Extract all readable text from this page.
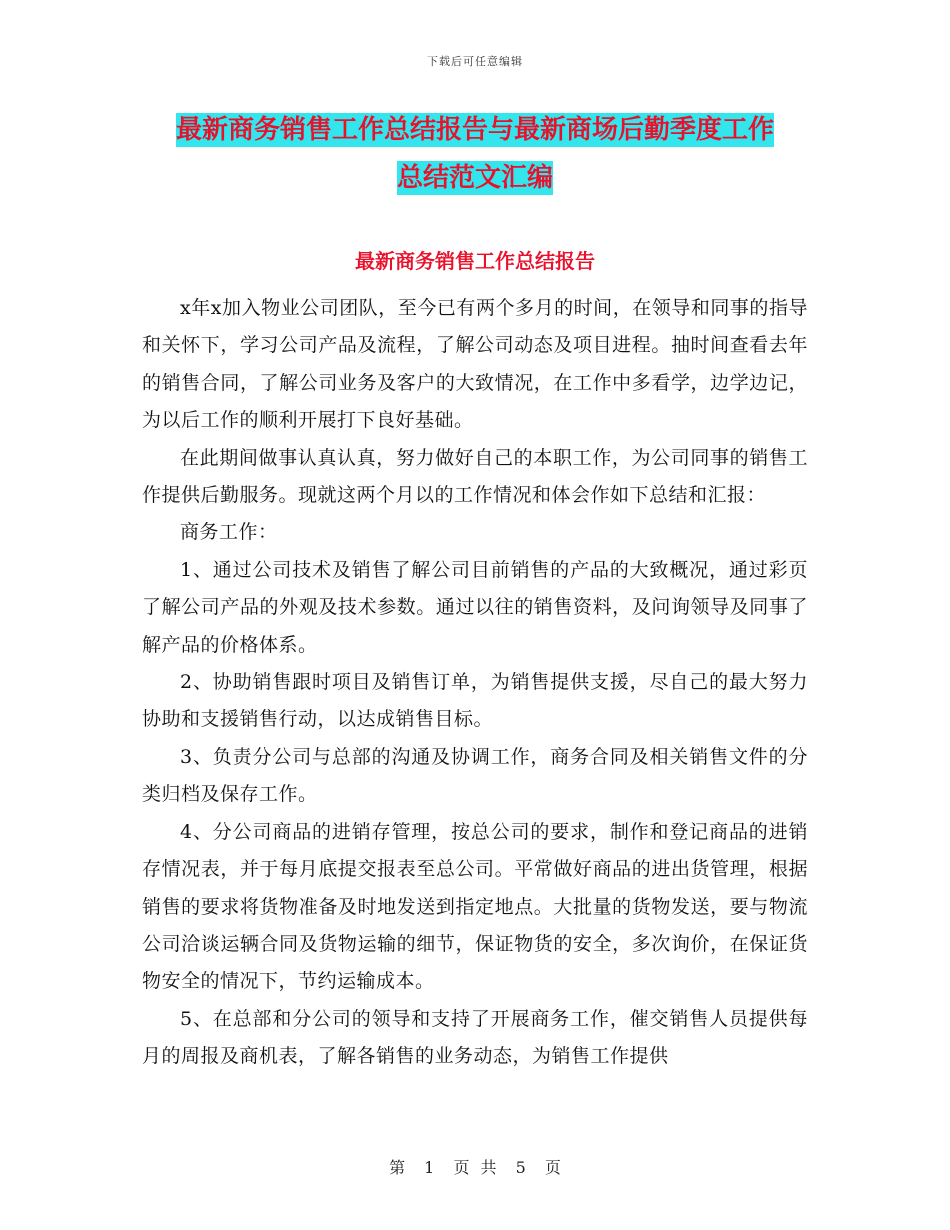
下载后可任意编辑
最新商务销售工作总结报告与最新商场后勤季度工作
总结范文汇编
最新商务销售工作总结报告

x年x加入物业公司团队，至今已有两个多月的时间，在领导和同事的指导和关怀下，学习公司产品及流程，了解公司动态及项目进程。抽时间查看去年的销售合同，了解公司业务及客户的大致情况，在工作中多看学，边学边记，为以后工作的顺利开展打下良好基础。

在此期间做事认真认真，努力做好自己的本职工作，为公司同事的销售工作提供后勤服务。现就这两个月以的工作情况和体会作如下总结和汇报：

商务工作：

1、通过公司技术及销售了解公司目前销售的产品的大致概况，通过彩页了解公司产品的外观及技术参数。通过以往的销售资料，及问询领导及同事了解产品的价格体系。

2、协助销售跟时项目及销售订单，为销售提供支援，尽自己的最大努力协助和支援销售行动，以达成销售目标。

3、负责分公司与总部的沟通及协调工作，商务合同及相关销售文件的分类归档及保存工作。

4、分公司商品的进销存管理，按总公司的要求，制作和登记商品的进销存情况表，并于每月底提交报表至总公司。平常做好商品的进出货管理，根据销售的要求将货物准备及时地发送到指定地点。大批量的货物发送，要与物流公司洽谈运辆合同及货物运输的细节，保证物货的安全，多次询价，在保证货物安全的情况下，节约运输成本。

5、在总部和分公司的领导和支持了开展商务工作，催交销售人员提供每月的周报及商机表，了解各销售的业务动态，为销售工作提供

第 1 页 共 5 页
